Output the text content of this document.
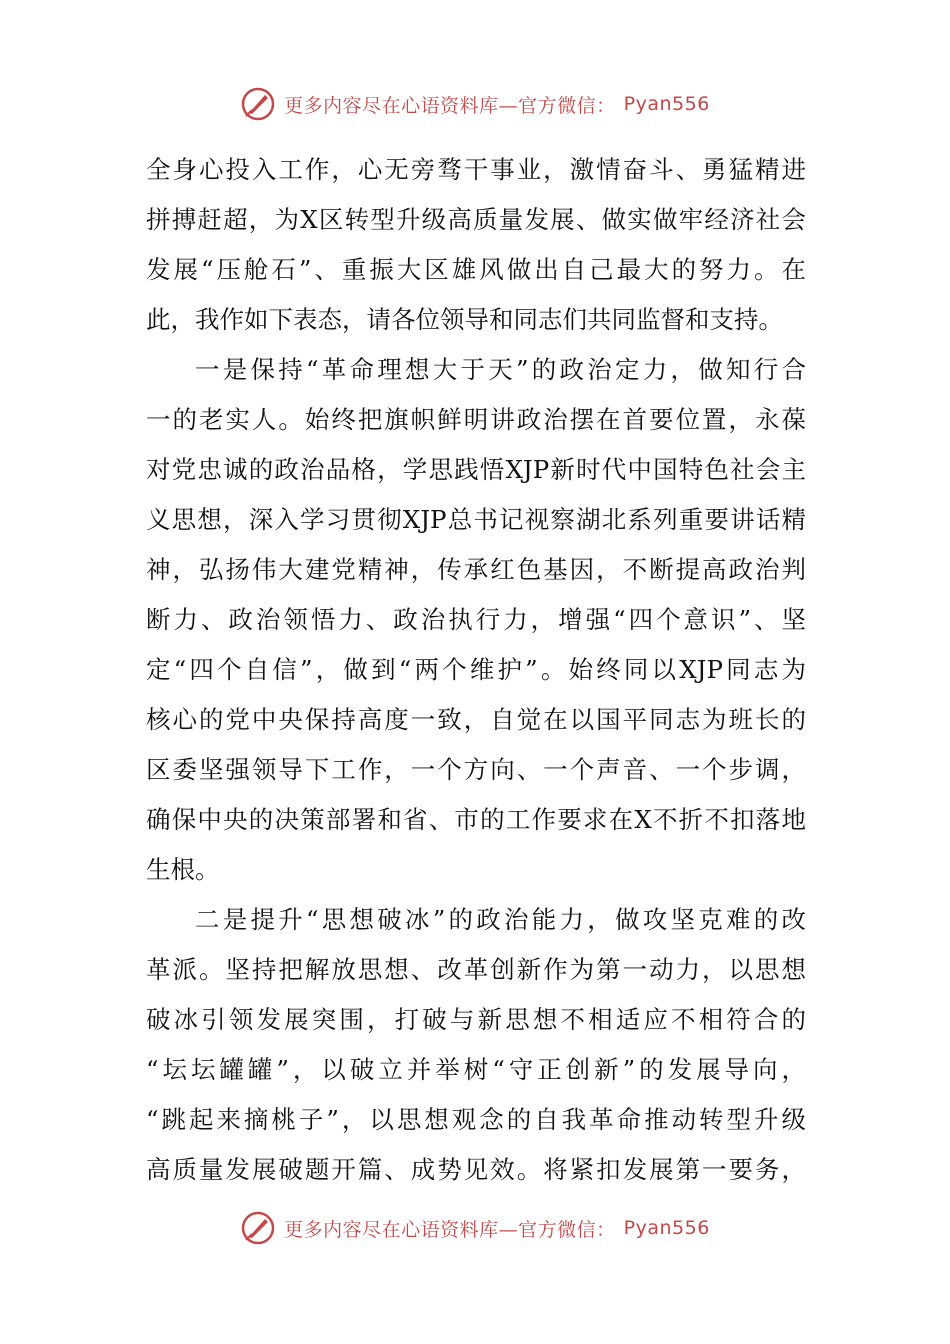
更多内容尽在心语资料库—官方微信： Pyan556
全身心投入工作，心无旁骛干事业，激情奋斗、勇猛精进
拼搏赶超，为X区转型升级高质量发展、做实做牢经济社会
发展“压舱石”、重振大区雄风做出自己最大的努力。在
此，我作如下表态，请各位领导和同志们共同监督和支持。
一是保持“革命理想大于天”的政治定力，做知行合
一的老实人。始终把旗帜鲜明讲政治摆在首要位置，永葆
对党忠诚的政治品格，学思践悟XJP新时代中国特色社会主
义思想，深入学习贯彻XJP总书记视察湖北系列重要讲话精
神，弘扬伟大建党精神，传承红色基因，不断提高政治判
断力、政治领悟力、政治执行力，增强“四个意识”、坚
定“四个自信”，做到“两个维护”。始终同以XJP同志为
核心的党中央保持高度一致，自觉在以国平同志为班长的
区委坚强领导下工作，一个方向、一个声音、一个步调，
确保中央的决策部署和省、市的工作要求在X不折不扣落地
生根。
二是提升“思想破冰”的政治能力，做攻坚克难的改
革派。坚持把解放思想、改革创新作为第一动力，以思想
破冰引领发展突围，打破与新思想不相适应不相符合的
“坛坛罐罐”，以破立并举树“守正创新”的发展导向，
“跳起来摘桃子”，以思想观念的自我革命推动转型升级
高质量发展破题开篇、成势见效。将紧扣发展第一要务，
更多内容尽在心语资料库—官方微信： Pyan556
